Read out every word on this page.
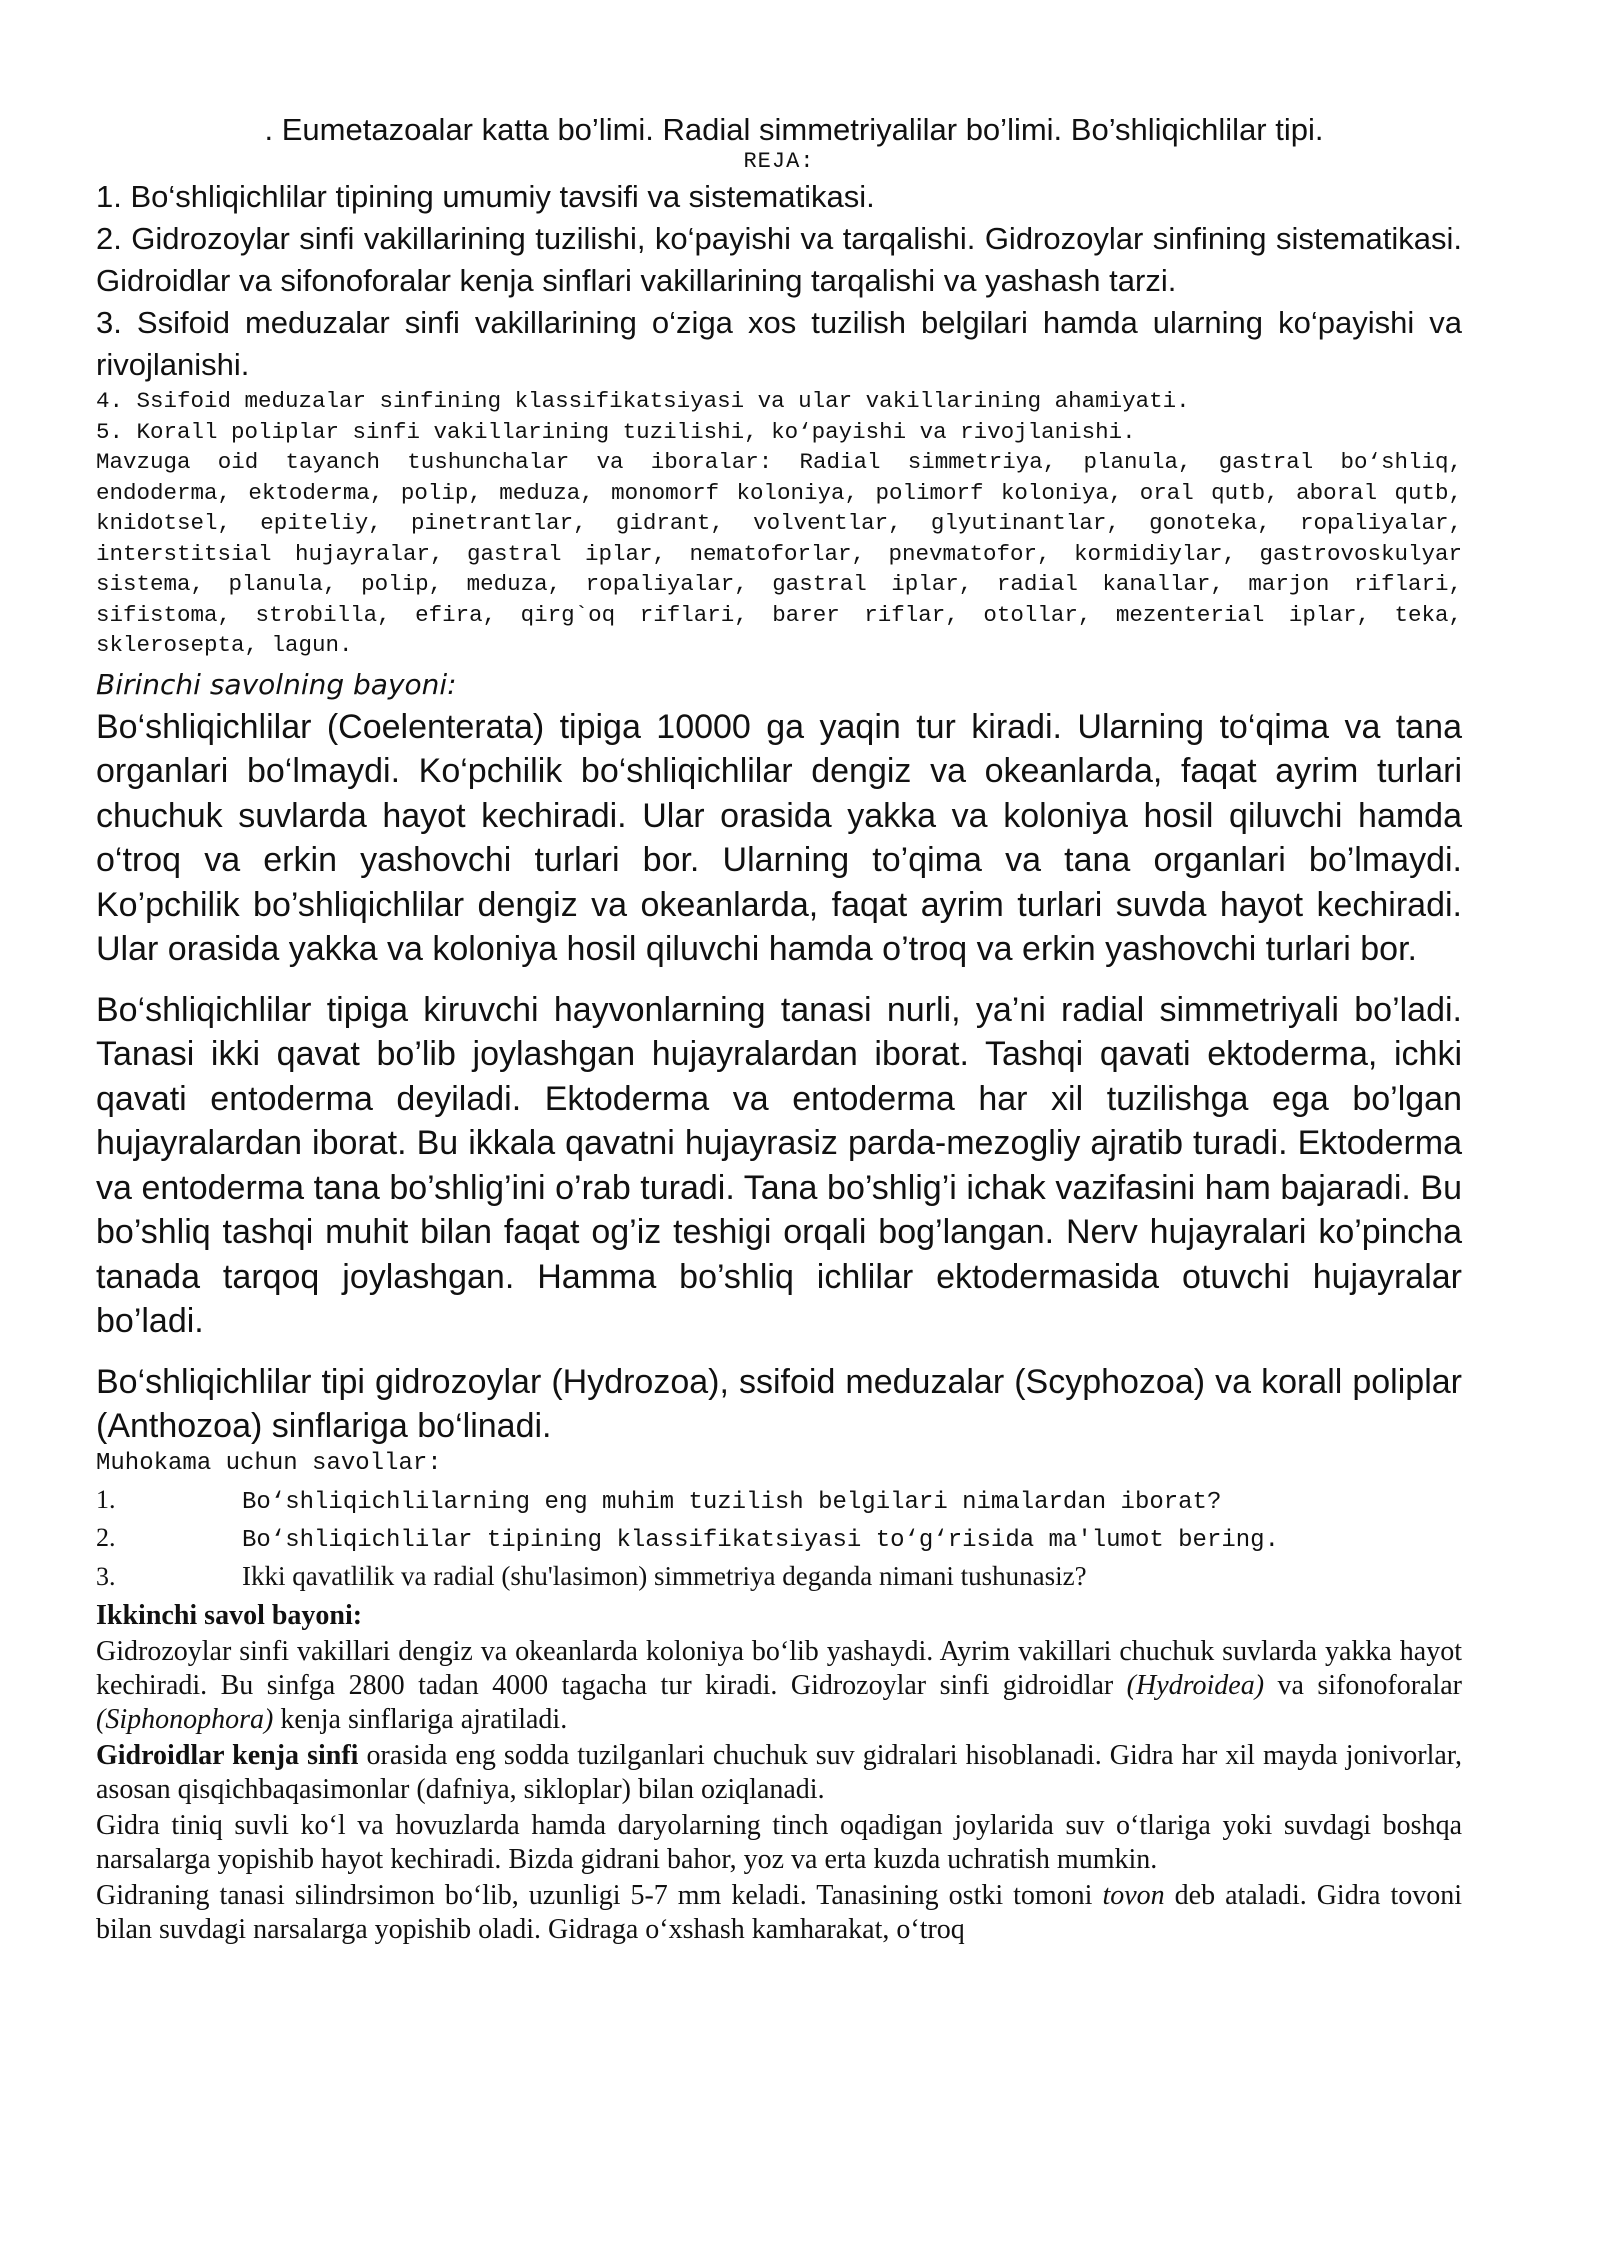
. Eumetazoalar katta bo’limi. Radial simmetriyalilar bo’limi. Bo’shliqichlilar tipi.

REJA:

1. Bo‘shliqichlilar tipining umumiy tavsifi va sistematikasi.

2. Gidrozoylar sinfi vakillarining tuzilishi, ko‘payishi va tarqalishi. Gidrozoylar sinfining sistematikasi. Gidroidlar va sifonoforalar kenja sinflari vakillarining tarqalishi va yashash tarzi.

3. Ssifoid meduzalar sinfi vakillarining o‘ziga xos tuzilish belgilari hamda ularning ko‘payishi va rivojlanishi.

4. Ssifoid meduzalar sinfining klassifikatsiyasi va ular vakillarining ahamiyati.

5. Korall poliplar sinfi vakillarining tuzilishi, ko‘payishi va rivojlanishi.

Mavzuga oid tayanch tushunchalar va iboralar: Radial simmetriya, planula, gastral bo‘shliq, endoderma, ektoderma, polip, meduza, monomorf koloniya, polimorf koloniya, oral qutb, aboral qutb, knidotsel, epiteliy, pinetrantlar, gidrant, volventlar, glyutinantlar, gonoteka, ropaliyalar, interstitsial hujayralar, gastral iplar, nematoforlar, pnevmatofor, kormidiylar, gastrovoskulyar sistema, planula, polip, meduza, ropaliyalar, gastral iplar, radial kanallar, marjon riflari, sifistoma, strobilla, efira, qirg`oq riflari, barer riflar, otollar, mezenterial iplar, teka, sklerosepta, lagun.

Birinchi savolning bayoni:

Bo‘shliqichlilar (Coelenterata) tipiga 10000 ga yaqin tur kiradi. Ularning to‘qima va tana organlari bo‘lmaydi. Ko‘pchilik bo‘shliqichlilar dengiz va okeanlarda, faqat ayrim turlari chuchuk suvlarda hayot kechiradi. Ular orasida yakka va koloniya hosil qiluvchi hamda o‘troq va erkin yashovchi turlari bor. Ularning to’qima va tana organlari bo’lmaydi. Ko’pchilik bo’shliqichlilar dengiz va okeanlarda, faqat ayrim turlari suvda hayot kechiradi. Ular orasida yakka va koloniya hosil qiluvchi hamda o’troq va erkin yashovchi turlari bor.

Bo‘shliqichlilar tipiga kiruvchi hayvonlarning tanasi nurli, ya’ni radial simmetriyali bo’ladi. Tanasi ikki qavat bo’lib joylashgan hujayralardan iborat. Tashqi qavati ektoderma, ichki qavati entoderma deyiladi. Ektoderma va entoderma har xil tuzilishga ega bo’lgan hujayralardan iborat. Bu ikkala qavatni hujayrasiz parda-mezogliy ajratib turadi. Ektoderma va entoderma tana bo’shlig’ini o’rab turadi. Tana bo’shlig’i ichak vazifasini ham bajaradi. Bu bo’shliq tashqi muhit bilan faqat og’iz teshigi orqali bog’langan. Nerv hujayralari ko’pincha tanada tarqoq joylashgan. Hamma bo’shliq ichlilar ektodermasida otuvchi hujayralar bo’ladi.

Bo‘shliqichlilar tipi gidrozoylar (Hydrozoa), ssifoid meduzalar (Scyphozoa) va korall poliplar (Anthozoa) sinflariga bo‘linadi.

Muhokama uchun savollar:

1.	Bo‘shliqichlilarning eng muhim tuzilish belgilari nimalardan iborat?
2.	Bo‘shliqichlilar tipining klassifikatsiyasi to‘g‘risida ma'lumot bering.
3.	Ikki qavatlilik va radial (shu'lasimon) simmetriya deganda nimani tushunasiz?

Ikkinchi savol bayoni:

Gidrozoylar sinfi vakillari dengiz va okeanlarda koloniya bo‘lib yashaydi. Ayrim vakillari chuchuk suvlarda yakka hayot kechiradi. Bu sinfga 2800 tadan 4000 tagacha tur kiradi. Gidrozoylar sinfi gidroidlar (Hydroidea) va sifonoforalar (Siphonophora) kenja sinflariga ajratiladi.

Gidroidlar kenja sinfi orasida eng sodda tuzilganlari chuchuk suv gidralari hisoblanadi. Gidra har xil mayda jonivorlar, asosan qisqichbaqasimonlar (dafniya, sikloplar) bilan oziqlanadi.

Gidra tiniq suvli ko‘l va hovuzlarda hamda daryolarning tinch oqadigan joylarida suv o‘tlariga yoki suvdagi boshqa narsalarga yopishib hayot kechiradi. Bizda gidrani bahor, yoz va erta kuzda uchratish mumkin.

Gidraning tanasi silindrsimon bo‘lib, uzunligi 5-7 mm keladi. Tanasining ostki tomoni tovon deb ataladi. Gidra tovoni bilan suvdagi narsalarga yopishib oladi. Gidraga o‘xshash kamharakat, o‘troq
